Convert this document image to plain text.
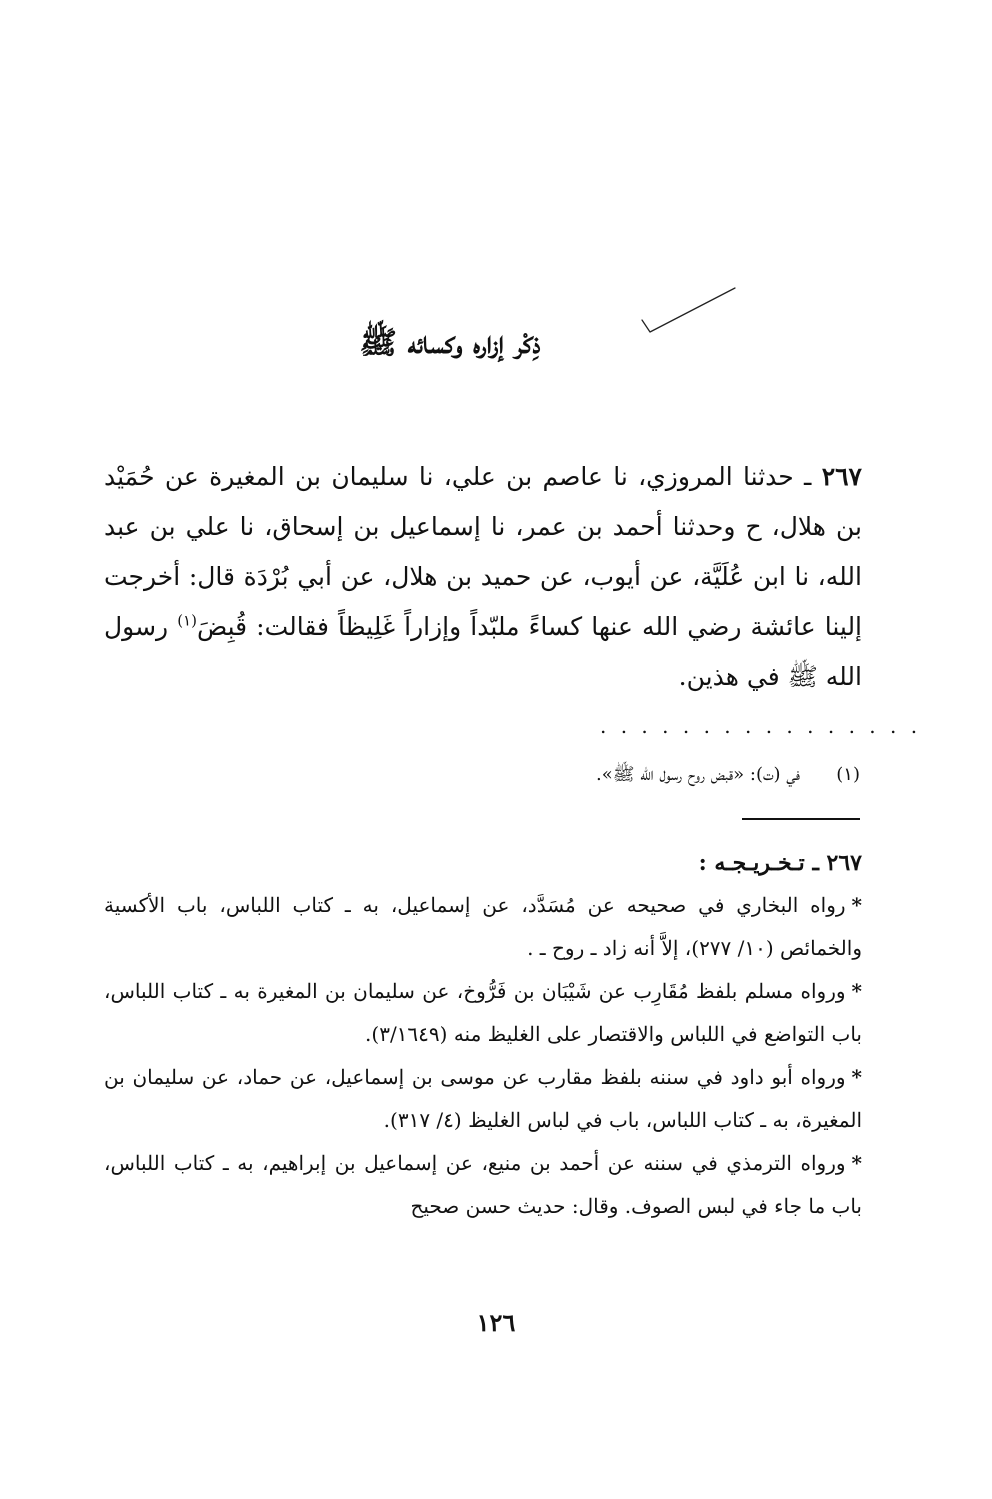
ذِكْر إزاره وكسائه ﷺ
٢٦٧ ـ حدثنا المروزي، نا عاصم بن علي، نا سليمان بن المغيرة عن حُمَيْد بن هلال، ح وحدثنا أحمد بن عمر، نا إسماعيل بن إسحاق، نا علي بن عبد الله، نا ابن عُلَيَّة، عن أيوب، عن حميد بن هلال، عن أبي بُرْدَة قال: أخرجت إلينا عائشة رضي الله عنها كساءً ملبّداً وإزاراً غَلِيظاً فقالت: قُبِضَ$^{(١)}$ رسول الله ﷺ في هذين.
. . . . . . . . . . . . . . . .
(١)في (ت): «قبض روح رسول الله ﷺ».
٢٦٧ ـ تـخـريـجـه :
*رواه البخاري في صحيحه عن مُسَدَّد، عن إسماعيل، به ـ كتاب اللباس، باب الأكسية والخمائص (١٠/ ٢٧٧)، إلاَّ أنه زاد ـ روح ـ .
*ورواه مسلم بلفظ مُقَارِب عن شَيْبَان بن فَرُّوخ، عن سليمان بن المغيرة به ـ كتاب اللباس، باب التواضع في اللباس والاقتصار على الغليظ منه (٣/١٦٤٩).
*ورواه أبو داود في سننه بلفظ مقارب عن موسى بن إسماعيل، عن حماد، عن سليمان بن المغيرة، به ـ كتاب اللباس، باب في لباس الغليظ (٤/ ٣١٧).
*ورواه الترمذي في سننه عن أحمد بن منيع، عن إسماعيل بن إبراهيم، به ـ كتاب اللباس، باب ما جاء في لبس الصوف. وقال: حديث حسن صحيح
١٢٦
